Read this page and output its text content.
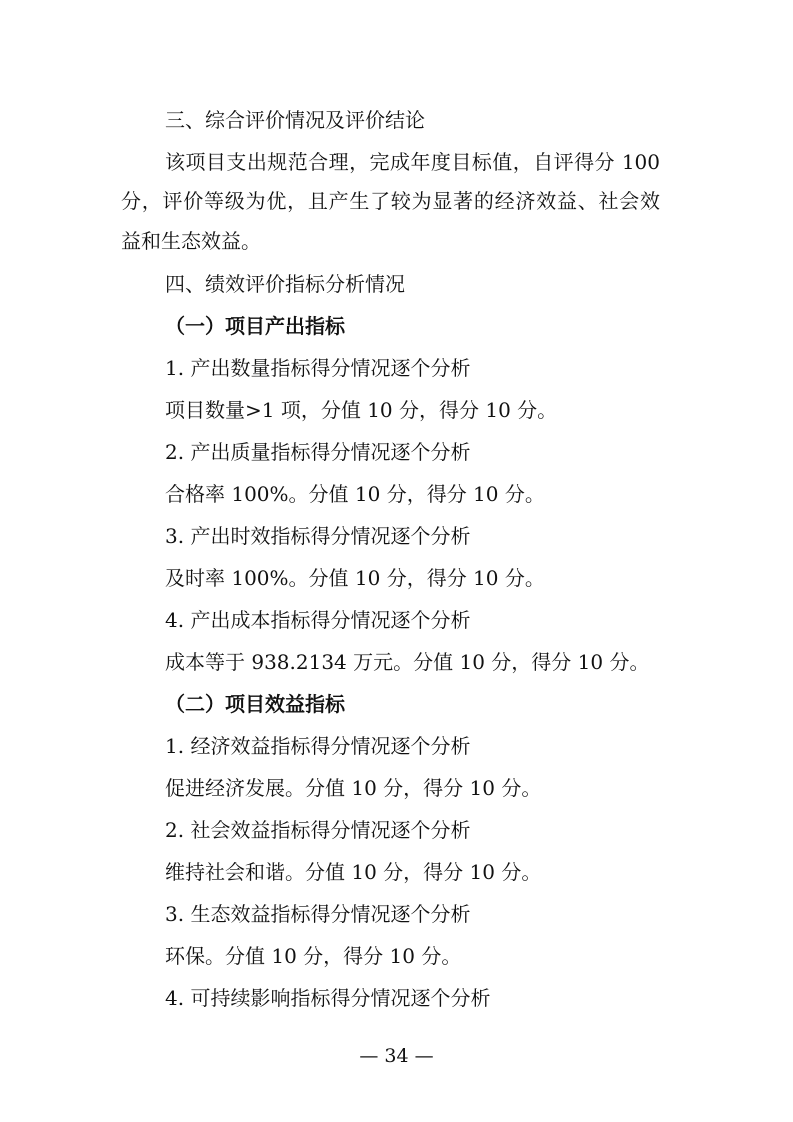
三、综合评价情况及评价结论
该项目支出规范合理，完成年度目标值，自评得分 100
分，评价等级为优，且产生了较为显著的经济效益、社会效
益和生态效益。
四、绩效评价指标分析情况
（一）项目产出指标
1. 产出数量指标得分情况逐个分析
项目数量>1 项，分值 10 分，得分 10 分。
2. 产出质量指标得分情况逐个分析
合格率 100%。分值 10 分，得分 10 分。
3. 产出时效指标得分情况逐个分析
及时率 100%。分值 10 分，得分 10 分。
4. 产出成本指标得分情况逐个分析
成本等于 938.2134 万元。分值 10 分，得分 10 分。
（二）项目效益指标
1. 经济效益指标得分情况逐个分析
促进经济发展。分值 10 分，得分 10 分。
2. 社会效益指标得分情况逐个分析
维持社会和谐。分值 10 分，得分 10 分。
3. 生态效益指标得分情况逐个分析
环保。分值 10 分，得分 10 分。
4. 可持续影响指标得分情况逐个分析
— 34 —
